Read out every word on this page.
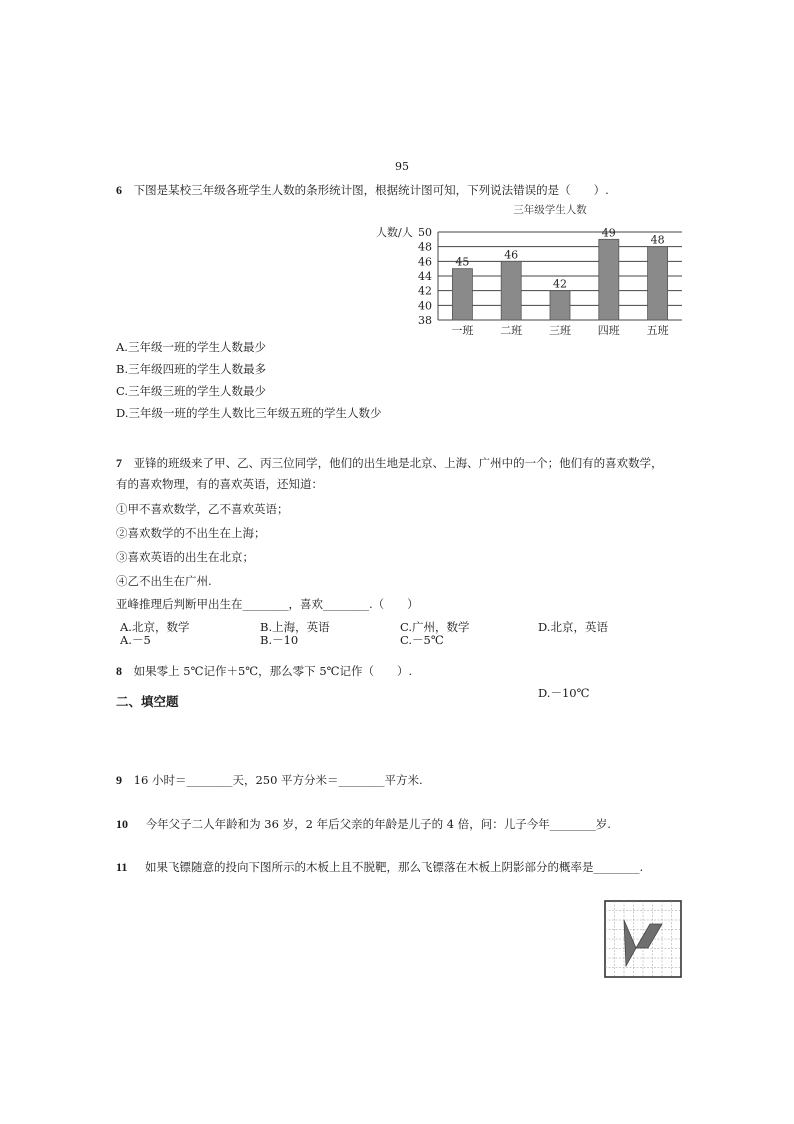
95
6 下图是某校三年级各班学生人数的条形统计图，根据统计图可知，下列说法错误的是（　　）.
三年级学生人数
人数/人
38
40
42
44
46
48
50
45
一班
46
二班
42
三班
49
四班
48
五班
A.三年级一班的学生人数最少
B.三年级四班的学生人数最多
C.三年级三班的学生人数最少
D.三年级一班的学生人数比三年级五班的学生人数少
7 亚锋的班级来了甲、乙、丙三位同学，他们的出生地是北京、上海、广州中的一个；他们有的喜欢数学，
有的喜欢物理，有的喜欢英语，还知道：
①甲不喜欢数学，乙不喜欢英语；
②喜欢数学的不出生在上海；
③喜欢英语的出生在北京；
④乙不出生在广州.
亚峰推理后判断甲出生在________，喜欢________.（　　）
A.北京，数学	B.上海，英语	C.广州，数学	D.北京，英语
A.－5	B.－10	C.－5℃
8 如果零上 5℃记作＋5℃，那么零下 5℃记作（　　）.
D.－10℃
二、填空题
9 16 小时＝________天，250 平方分米＝________平方米.
10 今年父子二人年龄和为 36 岁，2 年后父亲的年龄是儿子的 4 倍，问：儿子今年________岁.
11 如果飞镖随意的投向下图所示的木板上且不脱靶，那么飞镖落在木板上阴影部分的概率是________.
